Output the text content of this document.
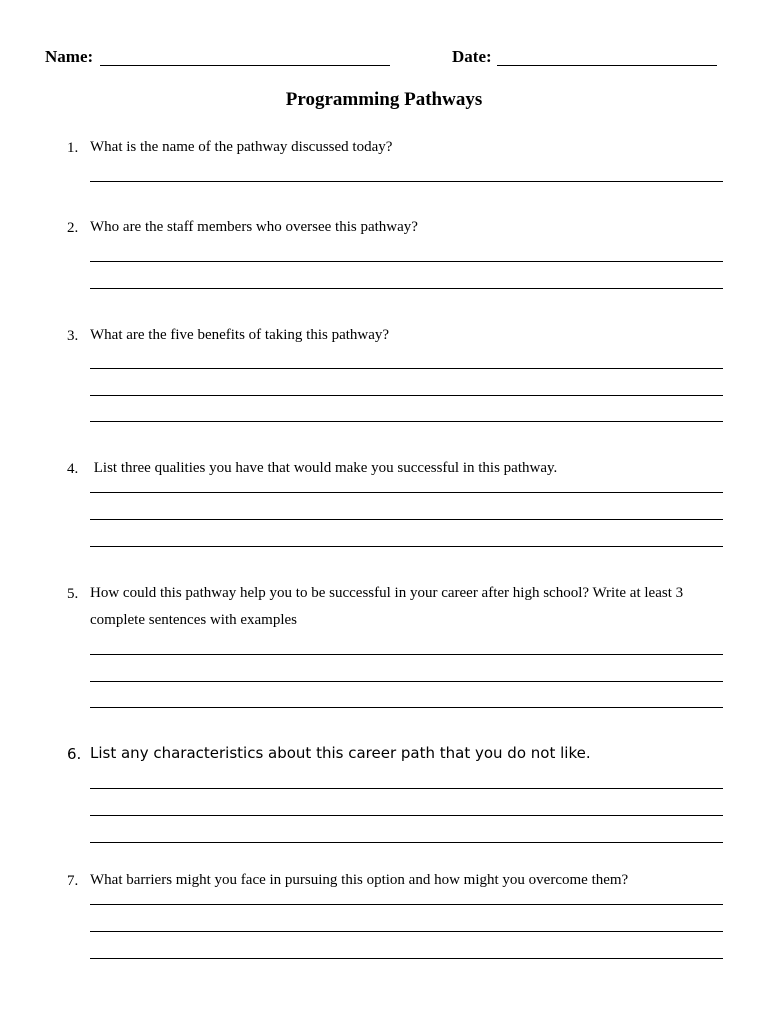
Name:	Date:
Programming Pathways
1. What is the name of the pathway discussed today?
2. Who are the staff members who oversee this pathway?
3. What are the five benefits of taking this pathway?
4. List three qualities you have that would make you successful in this pathway.
5. How could this pathway help you to be successful in your career after high school? Write at least 3 complete sentences with examples
6. List any characteristics about this career path that you do not like.
7. What barriers might you face in pursuing this option and how might you overcome them?
